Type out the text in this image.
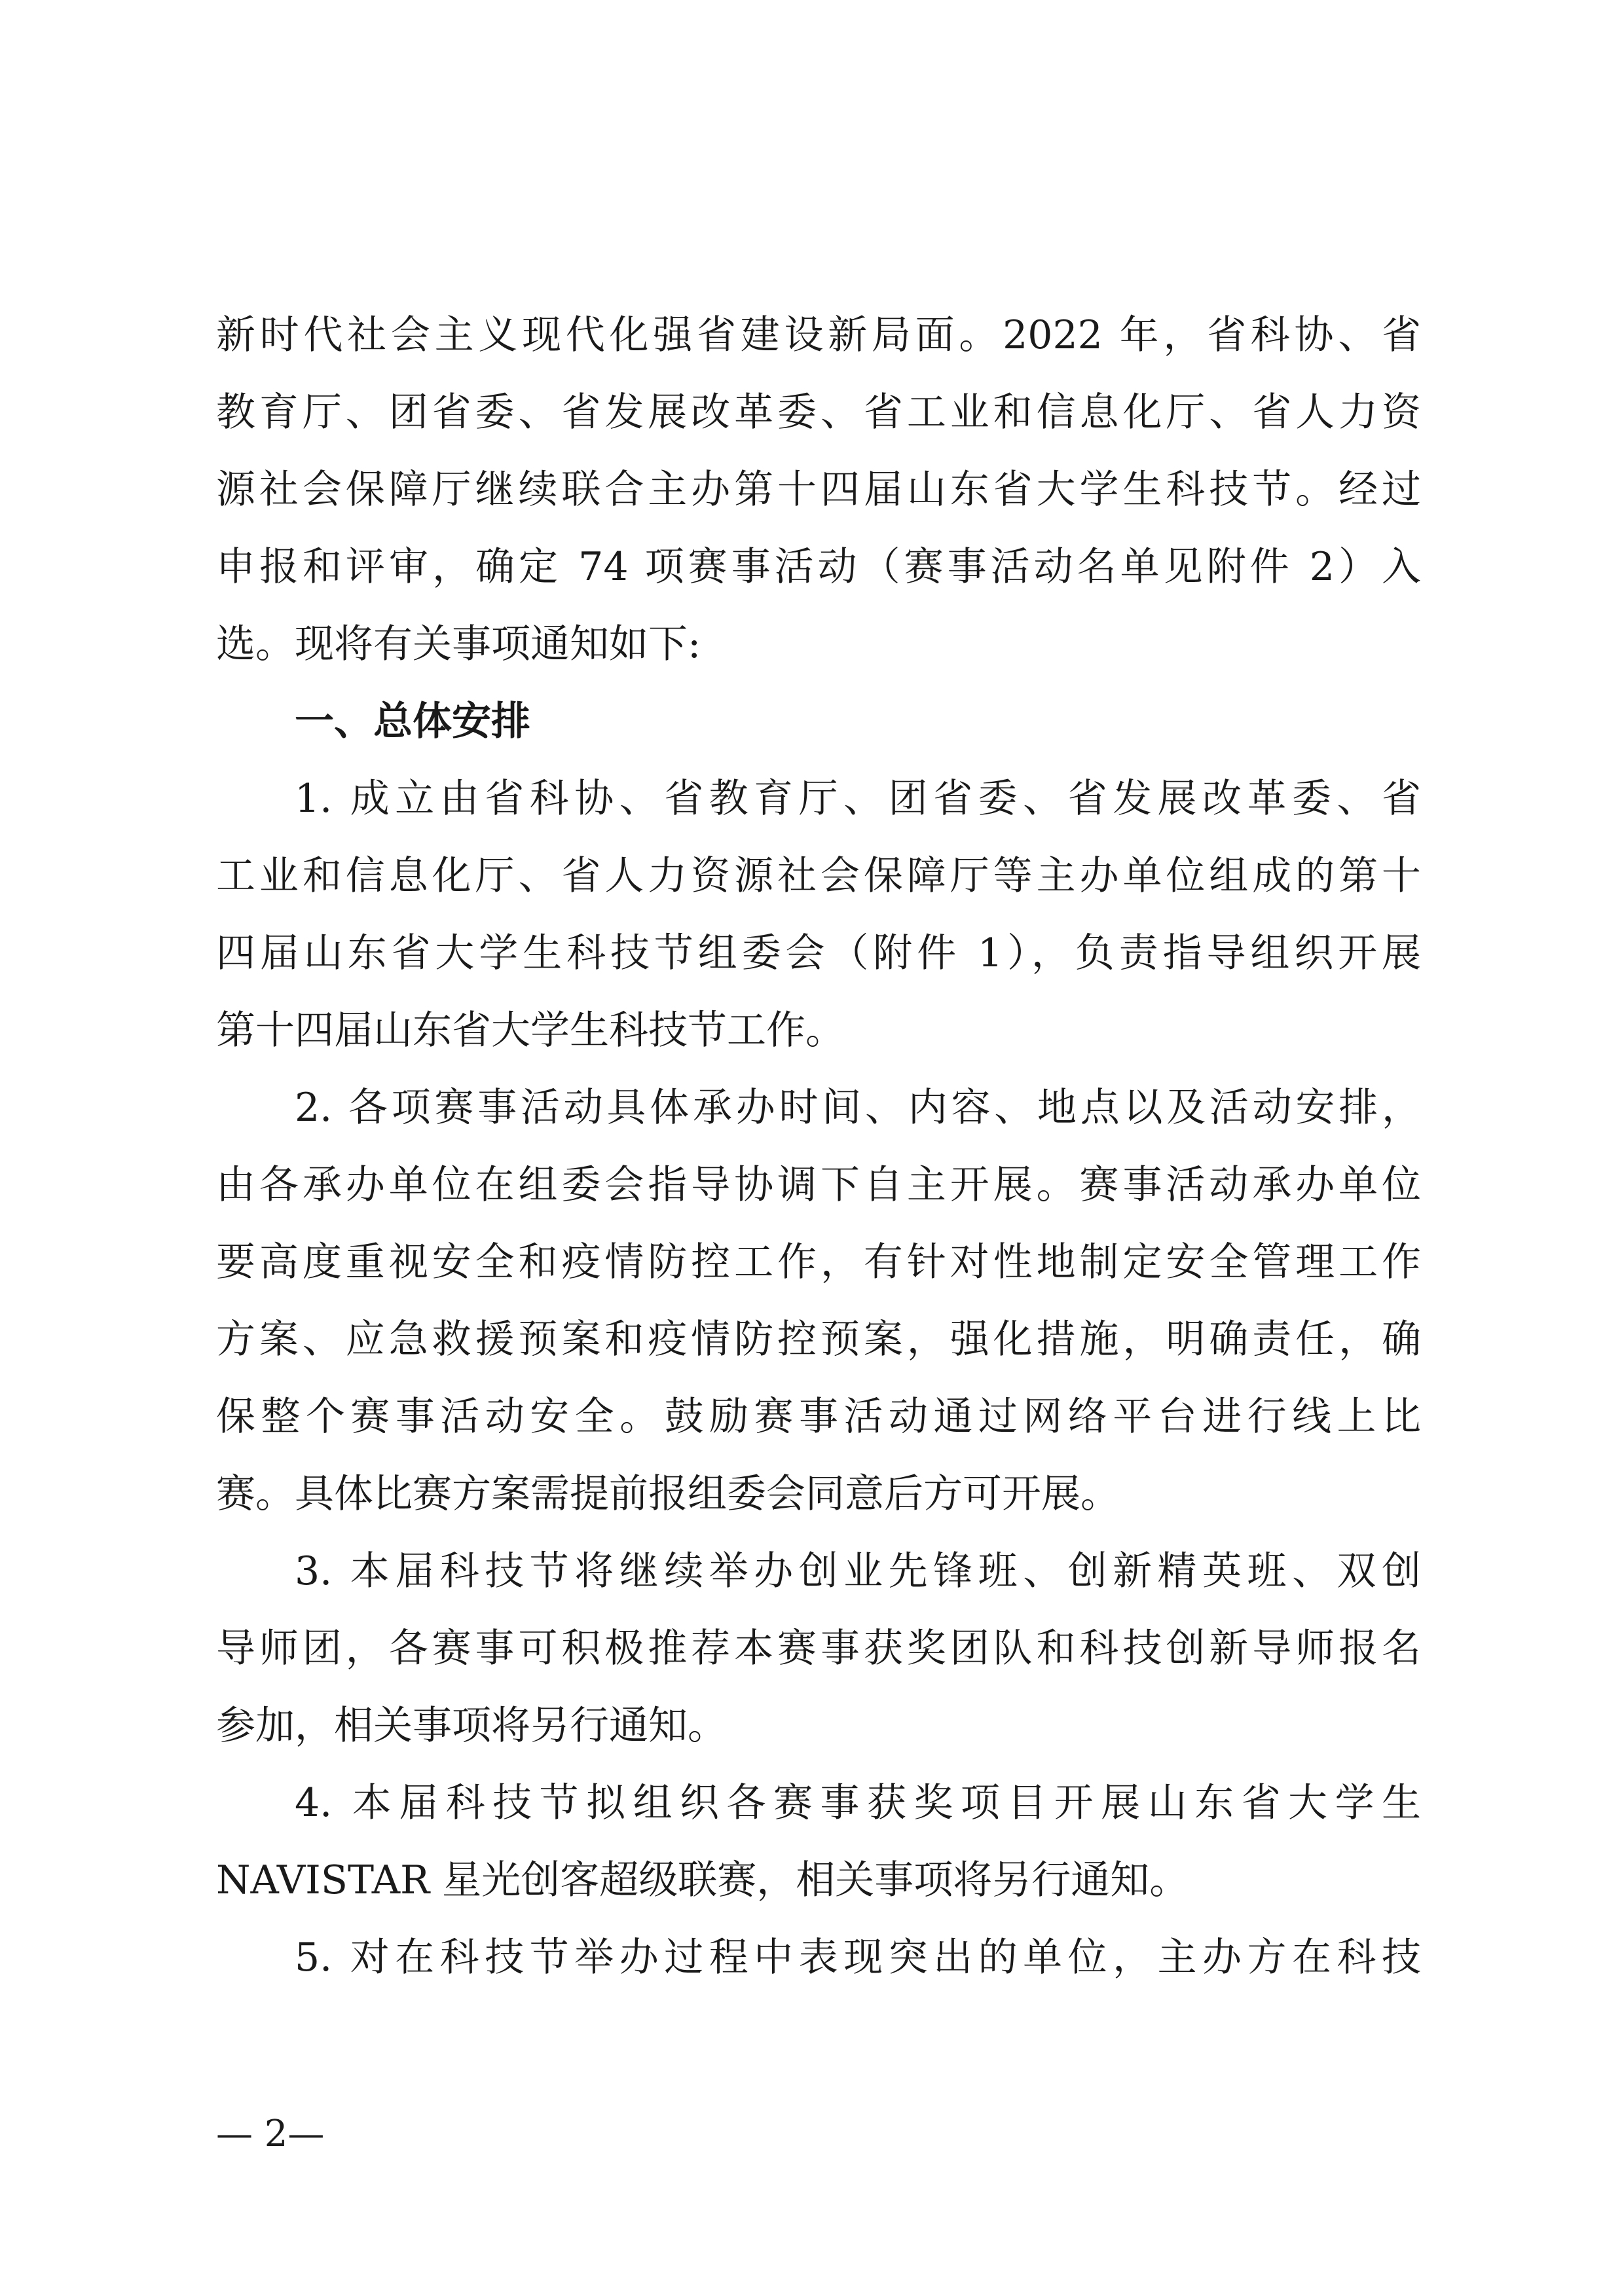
新时代社会主义现代化强省建设新局面。2022 年，省科协、省
教育厅、团省委、省发展改革委、省工业和信息化厅、省人力资
源社会保障厅继续联合主办第十四届山东省大学生科技节。经过
申报和评审，确定 74 项赛事活动（赛事活动名单见附件 2）入
选。现将有关事项通知如下:
一、总体安排
1. 成立由省科协、省教育厅、团省委、省发展改革委、省
工业和信息化厅、省人力资源社会保障厅等主办单位组成的第十
四届山东省大学生科技节组委会（附件 1），负责指导组织开展
第十四届山东省大学生科技节工作。
2. 各项赛事活动具体承办时间、内容、地点以及活动安排，
由各承办单位在组委会指导协调下自主开展。赛事活动承办单位
要高度重视安全和疫情防控工作，有针对性地制定安全管理工作
方案、应急救援预案和疫情防控预案，强化措施，明确责任，确
保整个赛事活动安全。鼓励赛事活动通过网络平台进行线上比
赛。具体比赛方案需提前报组委会同意后方可开展。
3. 本届科技节将继续举办创业先锋班、创新精英班、双创
导师团，各赛事可积极推荐本赛事获奖团队和科技创新导师报名
参加，相关事项将另行通知。
4. 本届科技节拟组织各赛事获奖项目开展山东省大学生
NAVISTAR 星光创客超级联赛，相关事项将另行通知。
5. 对在科技节举办过程中表现突出的单位，主办方在科技
— 2—
